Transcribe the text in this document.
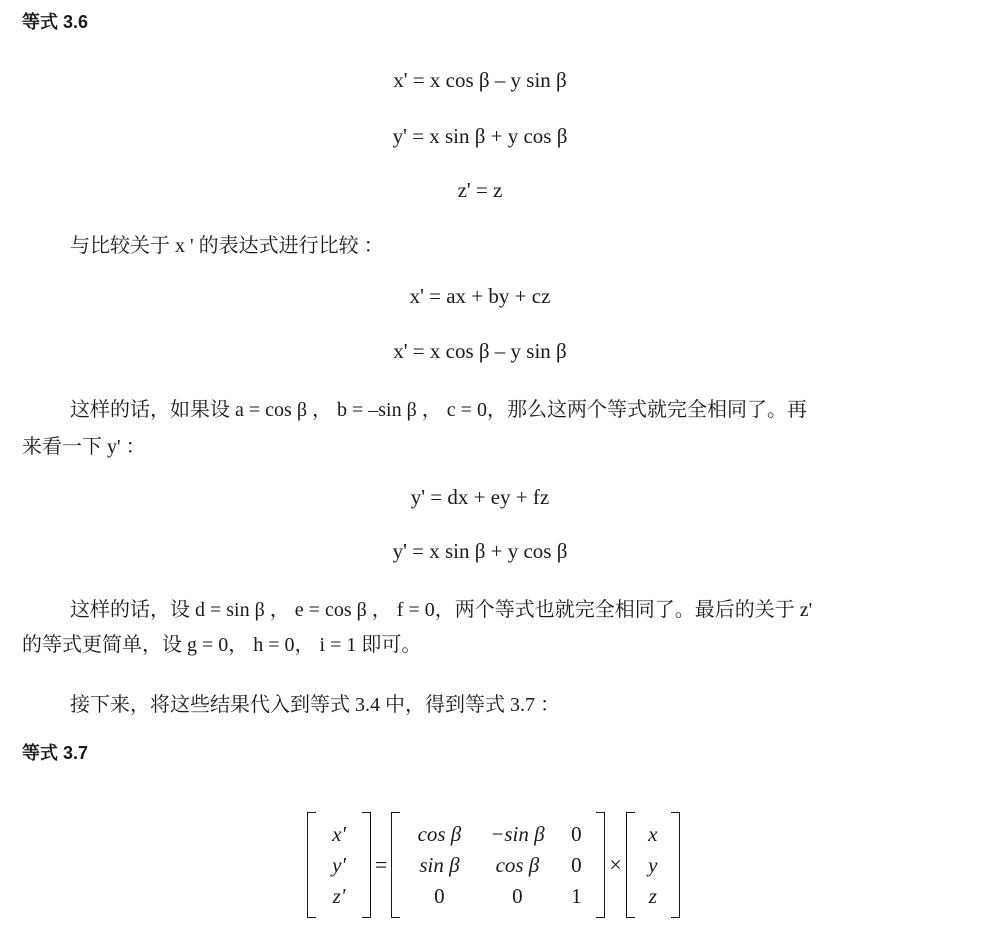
等式 3.6
x' = x cos β – y sin β
y' = x sin β + y cos β
z' = z
与比较关于 x ' 的表达式进行比较 ：
x' = ax + by + cz
x' = x cos β – y sin β
这样的话，如果设 a = cos β ， b = –sin β ， c = 0，那么这两个等式就完全相同了。再
来看一下 y' ：
y' = dx + ey + fz
y' = x sin β + y cos β
这样的话，设 d = sin β ， e = cos β ， f = 0，两个等式也就完全相同了。最后的关于 z'
的等式更简单，设 g = 0， h = 0， i = 1 即可。
接下来，将这些结果代入到等式 3.4 中，得到等式 3.7 ：
等式 3.7
x'
y'
z'
=
cos β	−sin β	0
sin β	cos β	0
0	0	1
×
x
y
z
